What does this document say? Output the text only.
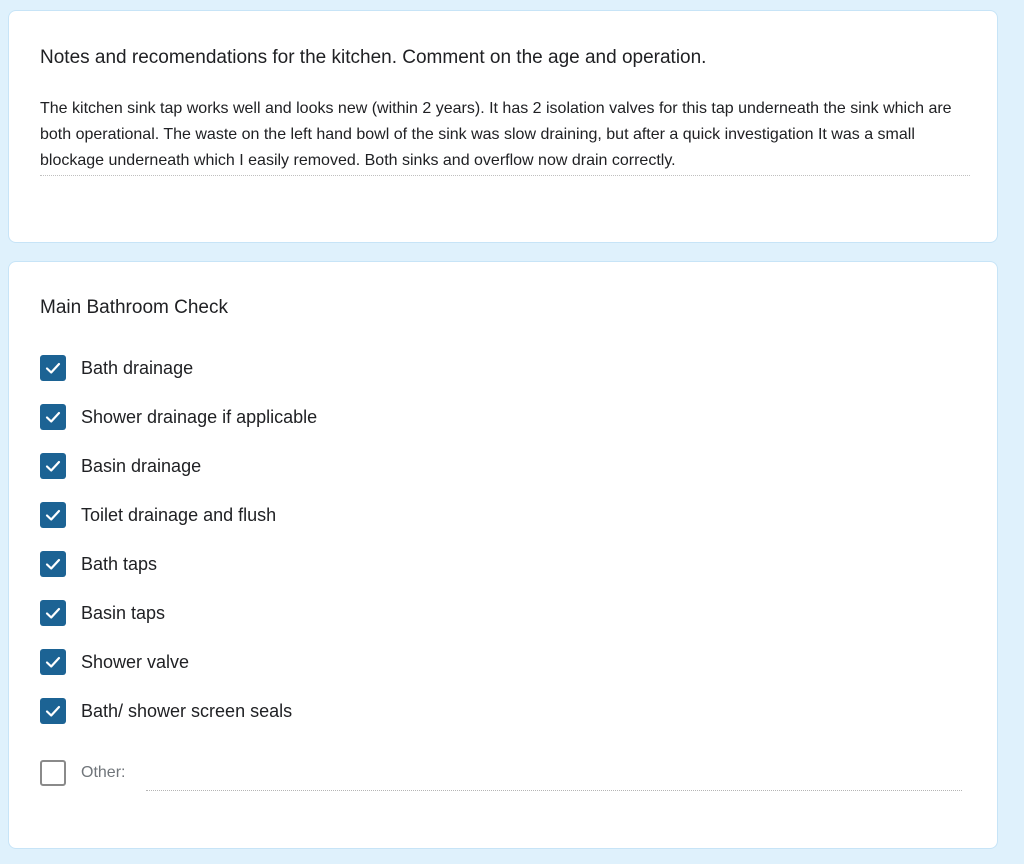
Notes and recomendations for the kitchen. Comment on the age and operation.
The kitchen sink tap works well and looks new (within 2 years). It has 2 isolation valves for this tap underneath the sink which are both operational. The waste on the left hand bowl of the sink was slow draining, but after a quick investigation It was a small blockage underneath which I easily removed. Both sinks and overflow now drain correctly.
Main Bathroom Check
Bath drainage
Shower drainage if applicable
Basin drainage
Toilet drainage and flush
Bath taps
Basin taps
Shower valve
Bath/ shower screen seals
Other:
